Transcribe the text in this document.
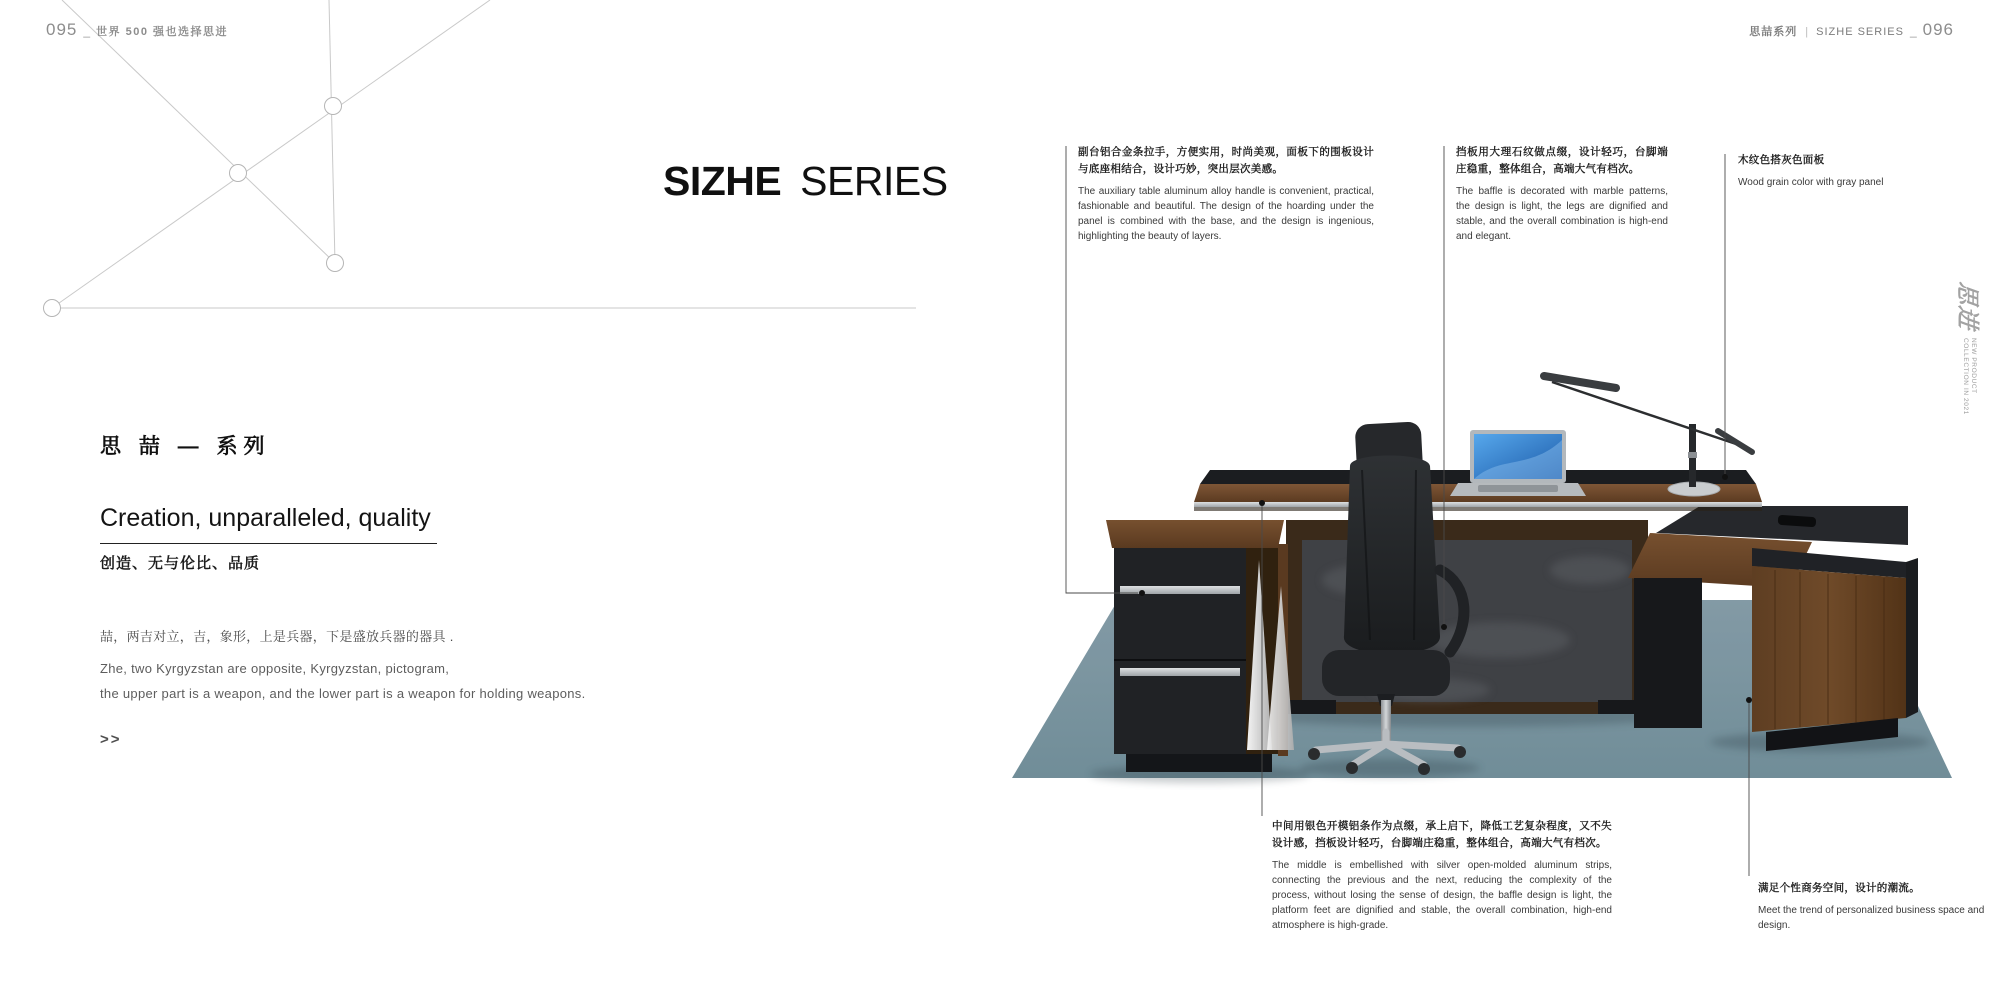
095 _ 世界 500 强也选择思进	思喆系列 | SIZHE SERIES _ 096
SIZHE SERIES
思 喆 — 系列
Creation, unparalleled, quality
创造、无与伦比、品质
喆，两吉对立，吉，象形，上是兵器，下是盛放兵器的器具 .
Zhe, two Kyrgyzstan are opposite, Kyrgyzstan, pictogram,
the upper part is a weapon, and the lower part is a weapon for holding weapons.
>>
副台铝合金条拉手，方便实用，时尚美观，面板下的围板设计与底座相结合，设计巧妙，突出层次美感。
The auxiliary table aluminum alloy handle is convenient, practical, fashionable and beautiful. The design of the hoarding under the panel is combined with the base, and the design is ingenious, highlighting the beauty of layers.
挡板用大理石纹做点缀，设计轻巧，台脚端庄稳重，整体组合，高端大气有档次。
The baffle is decorated with marble patterns, the design is light, the legs are dignified and stable, and the overall combination is high-end and elegant.
木纹色搭灰色面板
Wood grain color with gray panel
中间用银色开模铝条作为点缀，承上启下，降低工艺复杂程度，又不失设计感，挡板设计轻巧，台脚端庄稳重，整体组合，高端大气有档次。
The middle is embellished with silver open-molded aluminum strips, connecting the previous and the next, reducing the complexity of the process, without losing the sense of design, the baffle design is light, the platform feet are dignified and stable, the overall combination, high-end atmosphere is high-grade.
满足个性商务空间，设计的潮流。
Meet the trend of personalized business space and design.
思进
NEW PRODUCT
COLLECTION IN 2021
